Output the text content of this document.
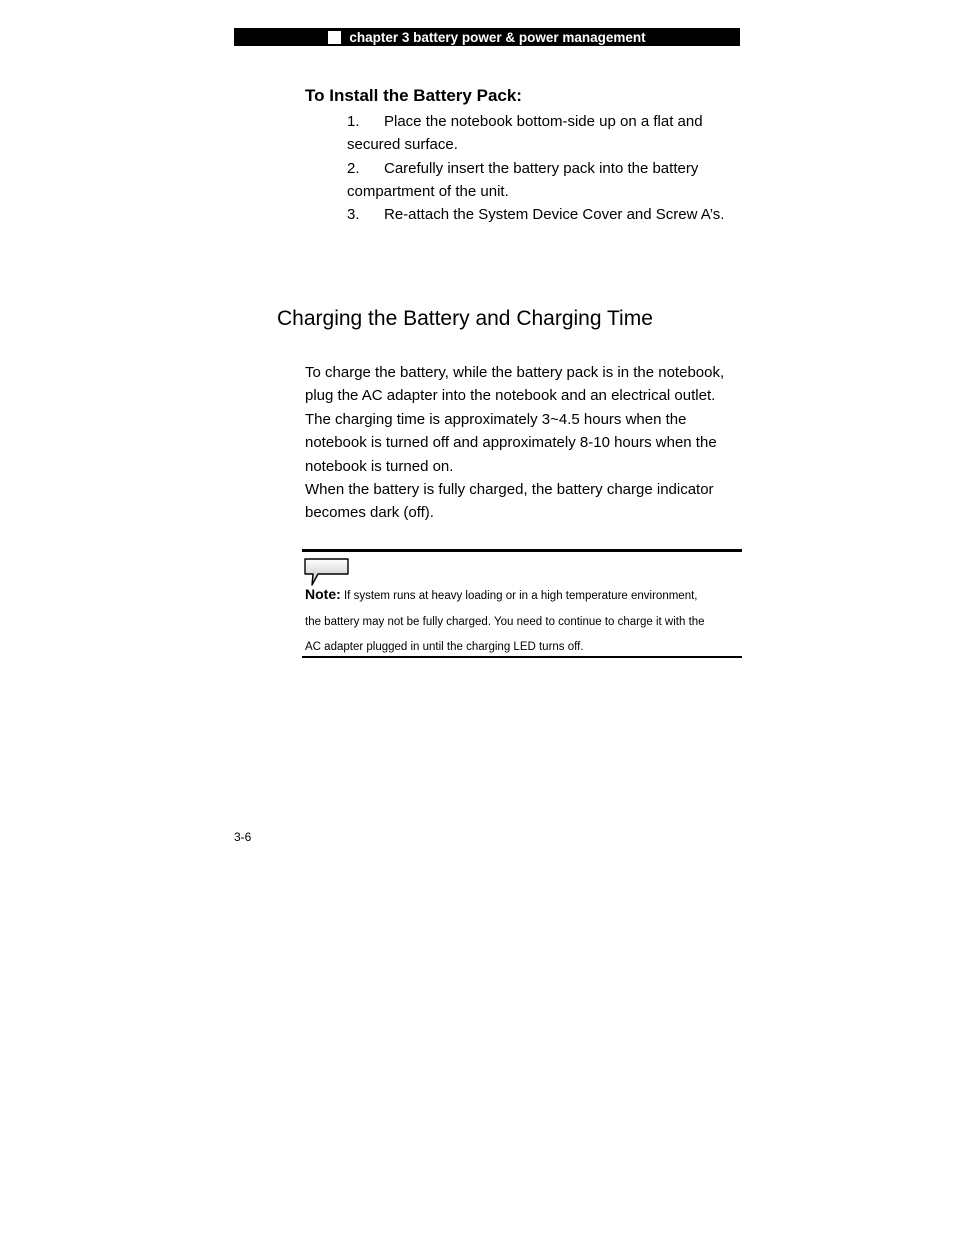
chapter 3 battery power & power management
To Install the Battery Pack:
1. Place the notebook bottom-side up on a flat and
secured surface.
2. Carefully insert the battery pack into the battery
compartment of the unit.
3. Re-attach the System Device Cover and Screw A’s.
Charging the Battery and Charging Time
To charge the battery, while the battery pack is in the notebook,
plug the AC adapter into the notebook and an electrical outlet.
The charging time is approximately 3~4.5 hours when the
notebook is turned off and approximately 8-10 hours when the
notebook is turned on.
When the battery is fully charged, the battery charge indicator
becomes dark (off).
Note: If system runs at heavy loading or in a high temperature environment,
the battery may not be fully charged. You need to continue to charge it with the
AC adapter plugged in until the charging LED turns off.
3-6
